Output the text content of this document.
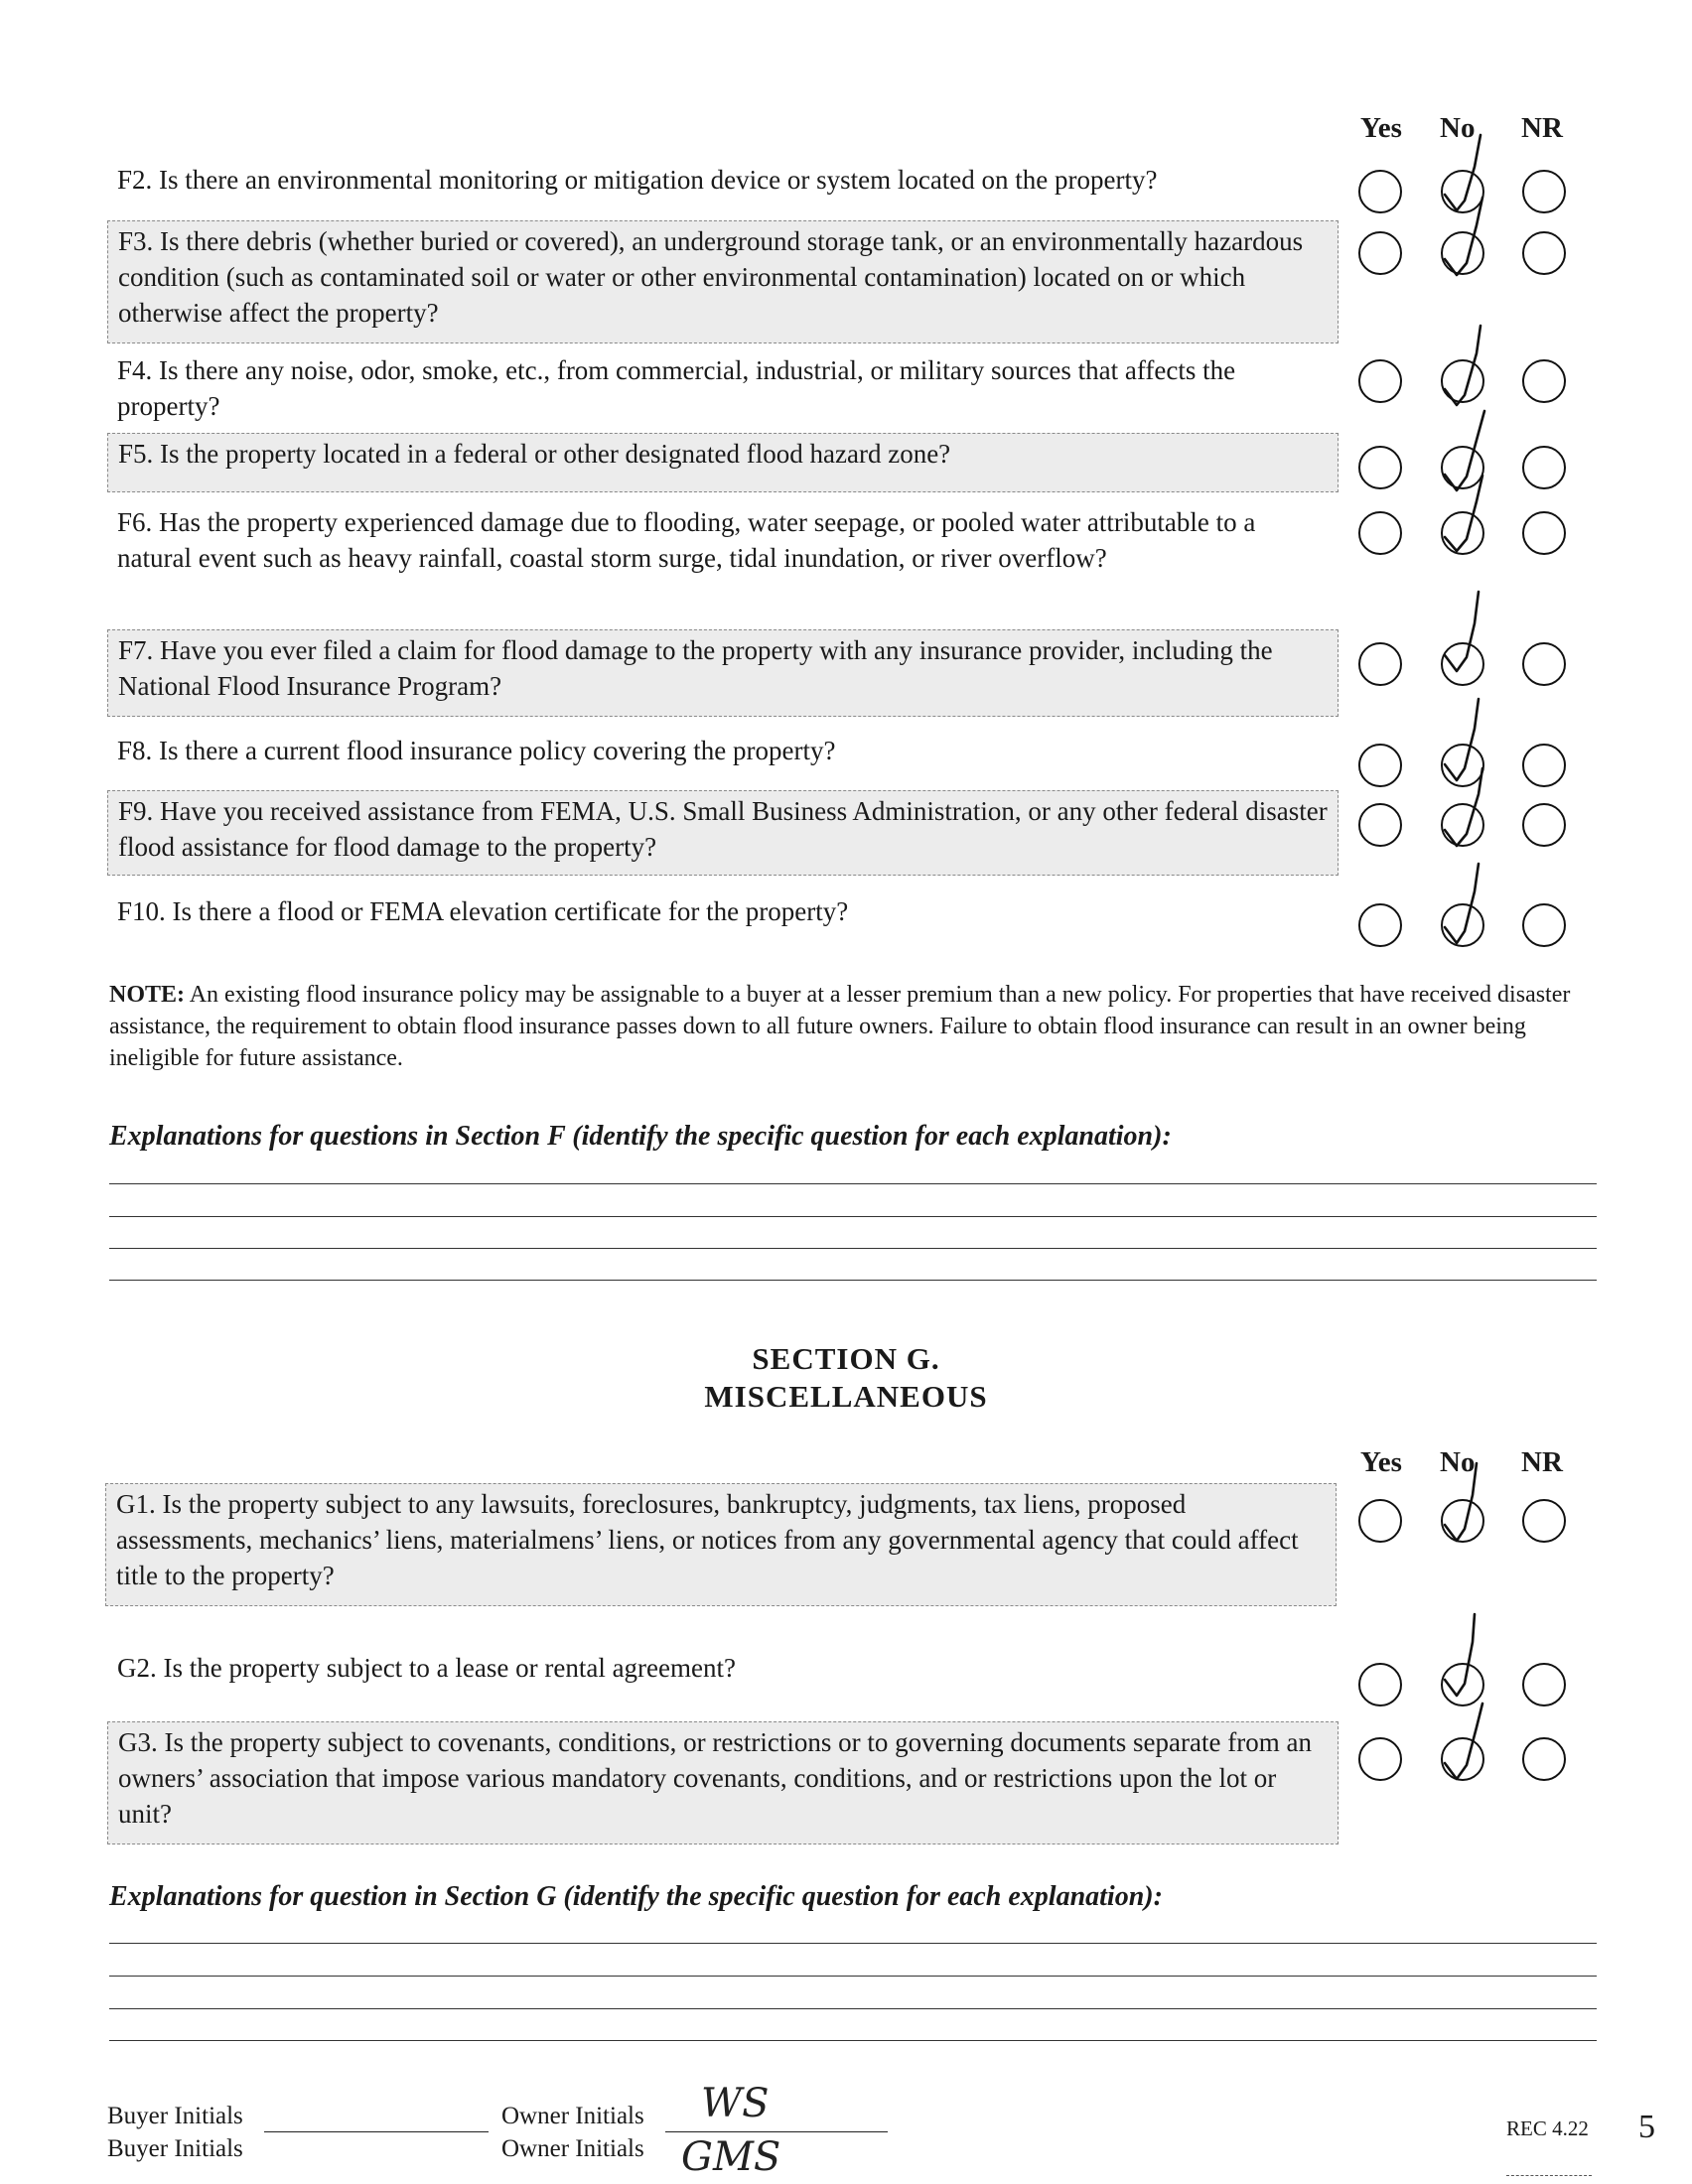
Yes No NR
F2. Is there an environmental monitoring or mitigation device or system located on the property?
F3. Is there debris (whether buried or covered), an underground storage tank, or an environmentally hazardous condition (such as contaminated soil or water or other environmental contamination) located on or which otherwise affect the property?
F4. Is there any noise, odor, smoke, etc., from commercial, industrial, or military sources that affects the property?
F5. Is the property located in a federal or other designated flood hazard zone?
F6. Has the property experienced damage due to flooding, water seepage, or pooled water attributable to a natural event such as heavy rainfall, coastal storm surge, tidal inundation, or river overflow?
F7. Have you ever filed a claim for flood damage to the property with any insurance provider, including the National Flood Insurance Program?
F8. Is there a current flood insurance policy covering the property?
F9. Have you received assistance from FEMA, U.S. Small Business Administration, or any other federal disaster flood assistance for flood damage to the property?
F10. Is there a flood or FEMA elevation certificate for the property?
NOTE: An existing flood insurance policy may be assignable to a buyer at a lesser premium than a new policy. For properties that have received disaster assistance, the requirement to obtain flood insurance passes down to all future owners. Failure to obtain flood insurance can result in an owner being ineligible for future assistance.
Explanations for questions in Section F (identify the specific question for each explanation):
SECTION G.
MISCELLANEOUS
Yes No NR
G1. Is the property subject to any lawsuits, foreclosures, bankruptcy, judgments, tax liens, proposed assessments, mechanics’ liens, materialmens’ liens, or notices from any governmental agency that could affect title to the property?
G2. Is the property subject to a lease or rental agreement?
G3. Is the property subject to covenants, conditions, or restrictions or to governing documents separate from an owners’ association that impose various mandatory covenants, conditions, and or restrictions upon the lot or unit?
Explanations for question in Section G (identify the specific question for each explanation):
Buyer Initials
Buyer Initials
Owner Initials WS
Owner Initials GMS
REC 4.22 5
